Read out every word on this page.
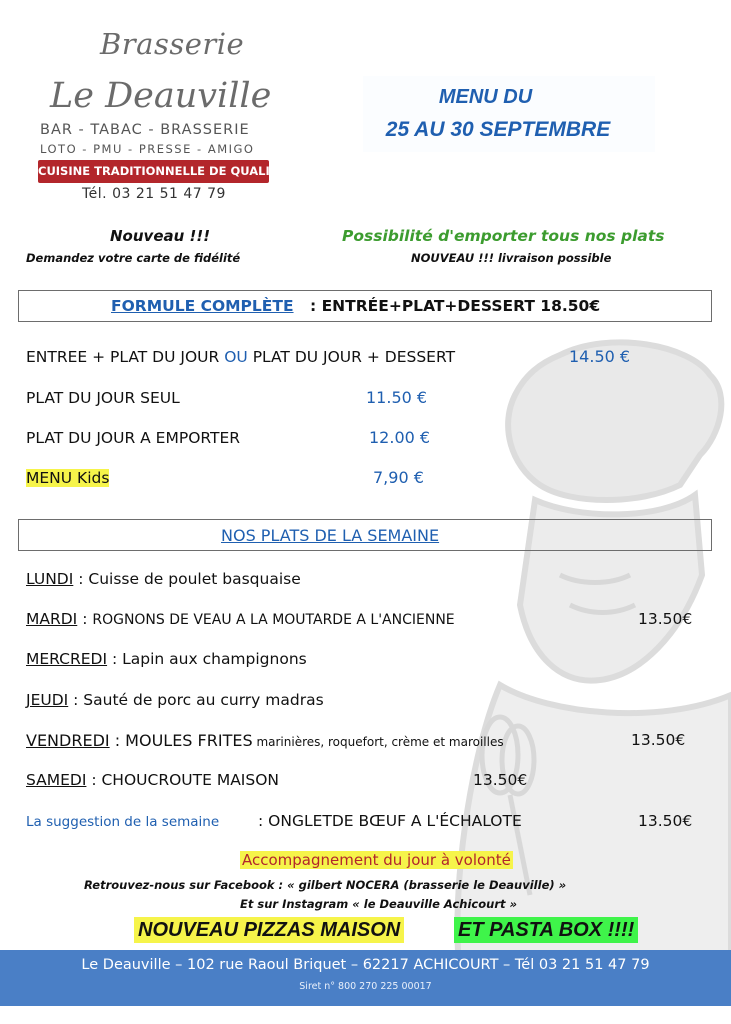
Brasserie
Le Deauville
BAR - TABAC - BRASSERIE
LOTO - PMU - PRESSE - AMIGO
CUISINE TRADITIONNELLE DE QUALITÉ !
Tél. 03 21 51 47 79
MENU DU
25 AU 30 SEPTEMBRE
Nouveau !!!
Demandez votre carte de fidélité
Possibilité d'emporter tous nos plats
NOUVEAU !!! livraison possible
FORMULE COMPLÈTE : ENTRÉE+PLAT+DESSERT 18.50€
ENTREE + PLAT DU JOUR OU PLAT DU JOUR + DESSERT	14.50 €
PLAT DU JOUR SEUL	11.50 €
PLAT DU JOUR A EMPORTER	12.00 €
MENU Kids	7,90 €
NOS PLATS DE LA SEMAINE
LUNDI : Cuisse de poulet basquaise
MARDI : ROGNONS DE VEAU A LA MOUTARDE A L'ANCIENNE	13.50€
MERCREDI : Lapin aux champignons
JEUDI : Sauté de porc au curry madras
VENDREDI : MOULES FRITES marinières, roquefort, crème et maroilles	13.50€
SAMEDI : CHOUCROUTE MAISON	13.50€
La suggestion de la semaine	: ONGLETDE BŒUF A L'ÉCHALOTE	13.50€
Accompagnement du jour à volonté
Retrouvez-nous sur Facebook : « gilbert NOCERA (brasserie le Deauville) »
Et sur Instagram « le Deauville Achicourt »
NOUVEAU PIZZAS MAISON	ET PASTA BOX !!!!
Le Deauville – 102 rue Raoul Briquet – 62217 ACHICOURT – Tél 03 21 51 47 79
Siret n° 800 270 225 00017
